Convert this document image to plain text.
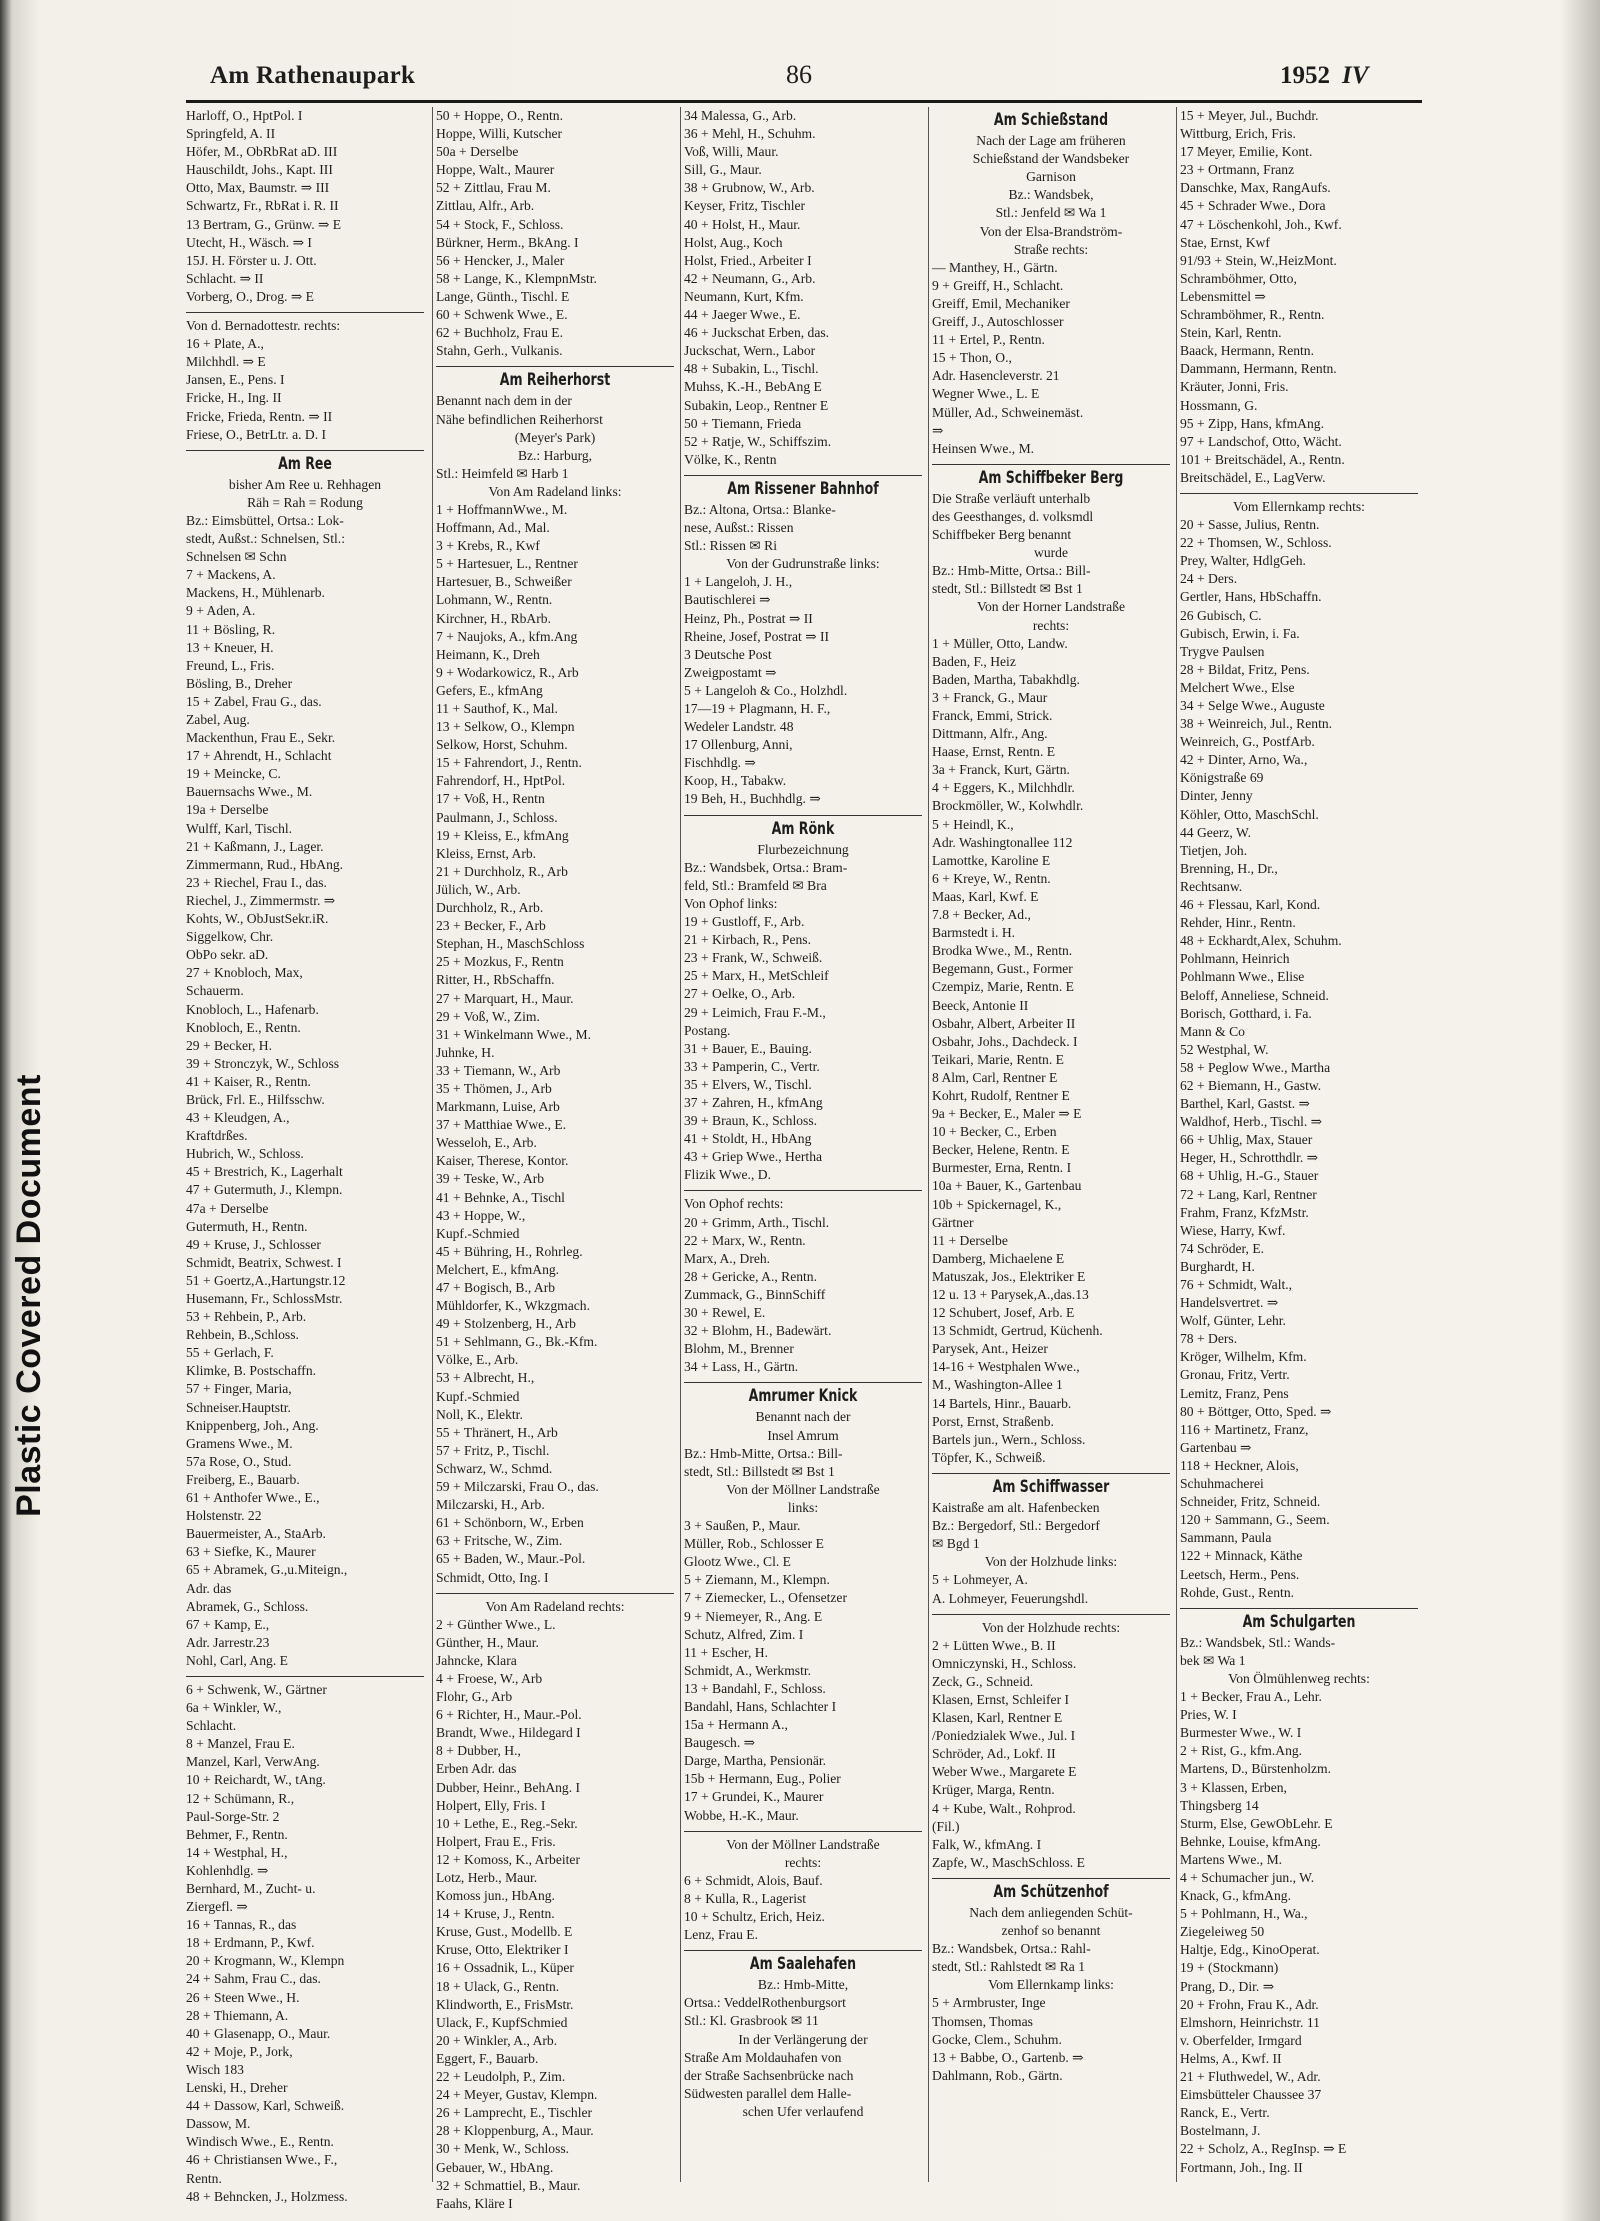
Plastic Covered Document
Am Rathenaupark	86	1952 IV
Harloff, O., HptPol. I
Springfeld, A. II
Höfer, M., ObRbRat aD. III
Hauschildt, Johs., Kapt. III
Otto, Max, Baumstr. ⇒ III
Schwartz, Fr., RbRat i. R. II
13 Bertram, G., Grünw. ⇒ E
Utecht, H., Wäsch. ⇒ I
15J. H. Förster u. J. Ott.
Schlacht. ⇒ II
Vorberg, O., Drog. ⇒ E
Von d. Bernadottestr. rechts:
16 + Plate, A.,
Milchhdl. ⇒ E
Jansen, E., Pens. I
Fricke, H., Ing. II
Fricke, Frieda, Rentn. ⇒ II
Friese, O., BetrLtr. a. D. I
Am Ree
bisher Am Ree u. Rehhagen
Räh = Rah = Rodung
Bz.: Eimsbüttel, Ortsa.: Lok-
stedt, Außst.: Schnelsen, Stl.:
Schnelsen ✉ Schn
7 + Mackens, A.
Mackens, H., Mühlenarb.
9 + Aden, A.
11 + Bösling, R.
13 + Kneuer, H.
Freund, L., Fris.
Bösling, B., Dreher
15 + Zabel, Frau G., das.
Zabel, Aug.
Mackenthun, Frau E., Sekr.
17 + Ahrendt, H., Schlacht
19 + Meincke, C.
Bauernsachs Wwe., M.
19a + Derselbe
Wulff, Karl, Tischl.
21 + Kaßmann, J., Lager.
Zimmermann, Rud., HbAng.
23 + Riechel, Frau I., das.
Riechel, J., Zimmermstr. ⇒
Kohts, W., ObJustSekr.iR.
Siggelkow, Chr.
ObPo sekr. aD.
27 + Knobloch, Max,
Schauerm.
Knobloch, L., Hafenarb.
Knobloch, E., Rentn.
29 + Becker, H.
39 + Stronczyk, W., Schloss
41 + Kaiser, R., Rentn.
Brück, Frl. E., Hilfsschw.
43 + Kleudgen, A.,
Kraftdrßes.
Hubrich, W., Schloss.
45 + Brestrich, K., Lagerhalt
47 + Gutermuth, J., Klempn.
47a + Derselbe
Gutermuth, H., Rentn.
49 + Kruse, J., Schlosser
Schmidt, Beatrix, Schwest. I
51 + Goertz,A.,Hartungstr.12
Husemann, Fr., SchlossMstr.
53 + Rehbein, P., Arb.
Rehbein, B.,Schloss.
55 + Gerlach, F.
Klimke, B. Postschaffn.
57 + Finger, Maria,
Schneiser.Hauptstr.
Knippenberg, Joh., Ang.
Gramens Wwe., M.
57a Rose, O., Stud.
Freiberg, E., Bauarb.
61 + Anthofer Wwe., E.,
Holstenstr. 22
Bauermeister, A., StaArb.
63 + Siefke, K., Maurer
65 + Abramek, G.,u.Miteign.,
Adr. das
Abramek, G., Schloss.
67 + Kamp, E.,
Adr. Jarrestr.23
Nohl, Carl, Ang. E
6 + Schwenk, W., Gärtner
6a + Winkler, W.,
Schlacht.
8 + Manzel, Frau E.
Manzel, Karl, VerwAng.
10 + Reichardt, W., tAng.
12 + Schümann, R.,
Paul-Sorge-Str. 2
Behmer, F., Rentn.
14 + Westphal, H.,
Kohlenhdlg. ⇒
Bernhard, M., Zucht- u.
Ziergefl. ⇒
16 + Tannas, R., das
18 + Erdmann, P., Kwf.
20 + Krogmann, W., Klempn
24 + Sahm, Frau C., das.
26 + Steen Wwe., H.
28 + Thiemann, A.
40 + Glasenapp, O., Maur.
42 + Moje, P., Jork,
Wisch 183
Lenski, H., Dreher
44 + Dassow, Karl, Schweiß.
Dassow, M.
Windisch Wwe., E., Rentn.
46 + Christiansen Wwe., F.,
Rentn.
48 + Behncken, J., Holzmess.
50 + Hoppe, O., Rentn.
Hoppe, Willi, Kutscher
50a + Derselbe
Hoppe, Walt., Maurer
52 + Zittlau, Frau M.
Zittlau, Alfr., Arb.
54 + Stock, F., Schloss.
Bürkner, Herm., BkAng. I
56 + Hencker, J., Maler
58 + Lange, K., KlempnMstr.
Lange, Günth., Tischl. E
60 + Schwenk Wwe., E.
62 + Buchholz, Frau E.
Stahn, Gerh., Vulkanis.
Am Reiherhorst
Benannt nach dem in der
Nähe befindlichen Reiherhorst
(Meyer's Park)
Bz.: Harburg,
Stl.: Heimfeld ✉ Harb 1
Von Am Radeland links:
1 + HoffmannWwe., M.
Hoffmann, Ad., Mal.
3 + Krebs, R., Kwf
5 + Hartesuer, L., Rentner
Hartesuer, B., Schweißer
Lohmann, W., Rentn.
Kirchner, H., RbArb.
7 + Naujoks, A., kfm.Ang
Heimann, K., Dreh
9 + Wodarkowicz, R., Arb
Gefers, E., kfmAng
11 + Sauthof, K., Mal.
13 + Selkow, O., Klempn
Selkow, Horst, Schuhm.
15 + Fahrendort, J., Rentn.
Fahrendorf, H., HptPol.
17 + Voß, H., Rentn
Paulmann, J., Schloss.
19 + Kleiss, E., kfmAng
Kleiss, Ernst, Arb.
21 + Durchholz, R., Arb
Jülich, W., Arb.
Durchholz, R., Arb.
23 + Becker, F., Arb
Stephan, H., MaschSchloss
25 + Mozkus, F., Rentn
Ritter, H., RbSchaffn.
27 + Marquart, H., Maur.
29 + Voß, W., Zim.
31 + Winkelmann Wwe., M.
Juhnke, H.
33 + Tiemann, W., Arb
35 + Thömen, J., Arb
Markmann, Luise, Arb
37 + Matthiae Wwe., E.
Wesseloh, E., Arb.
Kaiser, Therese, Kontor.
39 + Teske, W., Arb
41 + Behnke, A., Tischl
43 + Hoppe, W.,
Kupf.-Schmied
45 + Bühring, H., Rohrleg.
Melchert, E., kfmAng.
47 + Bogisch, B., Arb
Mühldorfer, K., Wkzgmach.
49 + Stolzenberg, H., Arb
51 + Sehlmann, G., Bk.-Kfm.
Völke, E., Arb.
53 + Albrecht, H.,
Kupf.-Schmied
Noll, K., Elektr.
55 + Thränert, H., Arb
57 + Fritz, P., Tischl.
Schwarz, W., Schmd.
59 + Milczarski, Frau O., das.
Milczarski, H., Arb.
61 + Schönborn, W., Erben
63 + Fritsche, W., Zim.
65 + Baden, W., Maur.-Pol.
Schmidt, Otto, Ing. I
Von Am Radeland rechts:
2 + Günther Wwe., L.
Günther, H., Maur.
Jahncke, Klara
4 + Froese, W., Arb
Flohr, G., Arb
6 + Richter, H., Maur.-Pol.
Brandt, Wwe., Hildegard I
8 + Dubber, H.,
Erben Adr. das
Dubber, Heinr., BehAng. I
Holpert, Elly, Fris. I
10 + Lethe, E., Reg.-Sekr.
Holpert, Frau E., Fris.
12 + Komoss, K., Arbeiter
Lotz, Herb., Maur.
Komoss jun., HbAng.
14 + Kruse, J., Rentn.
Kruse, Gust., Modellb. E
Kruse, Otto, Elektriker I
16 + Ossadnik, L., Küper
18 + Ulack, G., Rentn.
Klindworth, E., FrisMstr.
Ulack, F., KupfSchmied
20 + Winkler, A., Arb.
Eggert, F., Bauarb.
22 + Leudolph, P., Zim.
24 + Meyer, Gustav, Klempn.
26 + Lamprecht, E., Tischler
28 + Kloppenburg, A., Maur.
30 + Menk, W., Schloss.
Gebauer, W., HbAng.
32 + Schmattiel, B., Maur.
Faahs, Kläre I
34 Malessa, G., Arb.
36 + Mehl, H., Schuhm.
Voß, Willi, Maur.
Sill, G., Maur.
38 + Grubnow, W., Arb.
Keyser, Fritz, Tischler
40 + Holst, H., Maur.
Holst, Aug., Koch
Holst, Fried., Arbeiter I
42 + Neumann, G., Arb.
Neumann, Kurt, Kfm.
44 + Jaeger Wwe., E.
46 + Juckschat Erben, das.
Juckschat, Wern., Labor
48 + Subakin, L., Tischl.
Muhss, K.-H., BebAng E
Subakin, Leop., Rentner E
50 + Tiemann, Frieda
52 + Ratje, W., Schiffszim.
Völke, K., Rentn
Am Rissener Bahnhof
Bz.: Altona, Ortsa.: Blanke-
nese, Außst.: Rissen
Stl.: Rissen ✉ Ri
Von der Gudrunstraße links:
1 + Langeloh, J. H.,
Bautischlerei ⇒
Heinz, Ph., Postrat ⇒ II
Rheine, Josef, Postrat ⇒ II
3 Deutsche Post
Zweigpostamt ⇒
5 + Langeloh & Co., Holzhdl.
17—19 + Plagmann, H. F.,
Wedeler Landstr. 48
17 Ollenburg, Anni,
Fischhdlg. ⇒
Koop, H., Tabakw.
19 Beh, H., Buchhdlg. ⇒
Am Rönk
Flurbezeichnung
Bz.: Wandsbek, Ortsa.: Bram-
feld, Stl.: Bramfeld ✉ Bra
Von Ophof links:
19 + Gustloff, F., Arb.
21 + Kirbach, R., Pens.
23 + Frank, W., Schweiß.
25 + Marx, H., MetSchleif
27 + Oelke, O., Arb.
29 + Leimich, Frau F.-M.,
Postang.
31 + Bauer, E., Bauing.
33 + Pamperin, C., Vertr.
35 + Elvers, W., Tischl.
37 + Zahren, H., kfmAng
39 + Braun, K., Schloss.
41 + Stoldt, H., HbAng
43 + Griep Wwe., Hertha
Flizik Wwe., D.
Von Ophof rechts:
20 + Grimm, Arth., Tischl.
22 + Marx, W., Rentn.
Marx, A., Dreh.
28 + Gericke, A., Rentn.
Zummack, G., BinnSchiff
30 + Rewel, E.
32 + Blohm, H., Badewärt.
Blohm, M., Brenner
34 + Lass, H., Gärtn.
Amrumer Knick
Benannt nach der
Insel Amrum
Bz.: Hmb-Mitte, Ortsa.: Bill-
stedt, Stl.: Billstedt ✉ Bst 1
Von der Möllner Landstraße
links:
3 + Saußen, P., Maur.
Müller, Rob., Schlosser E
Glootz Wwe., Cl. E
5 + Ziemann, M., Klempn.
7 + Ziemecker, L., Ofensetzer
9 + Niemeyer, R., Ang. E
Schutz, Alfred, Zim. I
11 + Escher, H.
Schmidt, A., Werkmstr.
13 + Bandahl, F., Schloss.
Bandahl, Hans, Schlachter I
15a + Hermann A.,
Baugesch. ⇒
Darge, Martha, Pensionär.
15b + Hermann, Eug., Polier
17 + Grundei, K., Maurer
Wobbe, H.-K., Maur.
Von der Möllner Landstraße
rechts:
6 + Schmidt, Alois, Bauf.
8 + Kulla, R., Lagerist
10 + Schultz, Erich, Heiz.
Lenz, Frau E.
Am Saalehafen
Bz.: Hmb-Mitte,
Ortsa.: VeddelRothenburgsort
Stl.: Kl. Grasbrook ✉ 11
In der Verlängerung der
Straße Am Moldauhafen von
der Straße Sachsenbrücke nach
Südwesten parallel dem Halle-
schen Ufer verlaufend
Am Schießstand
Nach der Lage am früheren
Schießstand der Wandsbeker
Garnison
Bz.: Wandsbek,
Stl.: Jenfeld ✉ Wa 1
Von der Elsa-Brandström-
Straße rechts:
— Manthey, H., Gärtn.
9 + Greiff, H., Schlacht.
Greiff, Emil, Mechaniker
Greiff, J., Autoschlosser
11 + Ertel, P., Rentn.
15 + Thon, O.,
Adr. Hasencleverstr. 21
Wegner Wwe., L. E
Müller, Ad., Schweinemäst.
⇒
Heinsen Wwe., M.
Am Schiffbeker Berg
Die Straße verläuft unterhalb
des Geesthanges, d. volksmdl
Schiffbeker Berg benannt
wurde
Bz.: Hmb-Mitte, Ortsa.: Bill-
stedt, Stl.: Billstedt ✉ Bst 1
Von der Horner Landstraße
rechts:
1 + Müller, Otto, Landw.
Baden, F., Heiz
Baden, Martha, Tabakhdlg.
3 + Franck, G., Maur
Franck, Emmi, Strick.
Dittmann, Alfr., Ang.
Haase, Ernst, Rentn. E
3a + Franck, Kurt, Gärtn.
4 + Eggers, K., Milchhdlr.
Brockmöller, W., Kolwhdlr.
5 + Heindl, K.,
Adr. Washingtonallee 112
Lamottke, Karoline E
6 + Kreye, W., Rentn.
Maas, Karl, Kwf. E
7.8 + Becker, Ad.,
Barmstedt i. H.
Brodka Wwe., M., Rentn.
Begemann, Gust., Former
Czempiz, Marie, Rentn. E
Beeck, Antonie II
Osbahr, Albert, Arbeiter II
Osbahr, Johs., Dachdeck. I
Teikari, Marie, Rentn. E
8 Alm, Carl, Rentner E
Kohrt, Rudolf, Rentner E
9a + Becker, E., Maler ⇒ E
10 + Becker, C., Erben
Becker, Helene, Rentn. E
Burmester, Erna, Rentn. I
10a + Bauer, K., Gartenbau
10b + Spickernagel, K.,
Gärtner
11 + Derselbe
Damberg, Michaelene E
Matuszak, Jos., Elektriker E
12 u. 13 + Parysek,A.,das.13
12 Schubert, Josef, Arb. E
13 Schmidt, Gertrud, Küchenh.
Parysek, Ant., Heizer
14-16 + Westphalen Wwe.,
M., Washington-Allee 1
14 Bartels, Hinr., Bauarb.
Porst, Ernst, Straßenb.
Bartels jun., Wern., Schloss.
Töpfer, K., Schweiß.
Am Schiffwasser
Kaistraße am alt. Hafenbecken
Bz.: Bergedorf, Stl.: Bergedorf
✉ Bgd 1
Von der Holzhude links:
5 + Lohmeyer, A.
A. Lohmeyer, Feuerungshdl.
Von der Holzhude rechts:
2 + Lütten Wwe., B. II
Omniczynski, H., Schloss.
Zeck, G., Schneid.
Klasen, Ernst, Schleifer I
Klasen, Karl, Rentner E
/Poniedzialek Wwe., Jul. I
Schröder, Ad., Lokf. II
Weber Wwe., Margarete E
Krüger, Marga, Rentn.
4 + Kube, Walt., Rohprod.
(Fil.)
Falk, W., kfmAng. I
Zapfe, W., MaschSchloss. E
Am Schützenhof
Nach dem anliegenden Schüt-
zenhof so benannt
Bz.: Wandsbek, Ortsa.: Rahl-
stedt, Stl.: Rahlstedt ✉ Ra 1
Vom Ellernkamp links:
5 + Armbruster, Inge
Thomsen, Thomas
Gocke, Clem., Schuhm.
13 + Babbe, O., Gartenb. ⇒
Dahlmann, Rob., Gärtn.
15 + Meyer, Jul., Buchdr.
Wittburg, Erich, Fris.
17 Meyer, Emilie, Kont.
23 + Ortmann, Franz
Danschke, Max, RangAufs.
45 + Schrader Wwe., Dora
47 + Löschenkohl, Joh., Kwf.
Stae, Ernst, Kwf
91/93 + Stein, W.,HeizMont.
Schramböhmer, Otto,
Lebensmittel ⇒
Schramböhmer, R., Rentn.
Stein, Karl, Rentn.
Baack, Hermann, Rentn.
Dammann, Hermann, Rentn.
Kräuter, Jonni, Fris.
Hossmann, G.
95 + Zipp, Hans, kfmAng.
97 + Landschof, Otto, Wächt.
101 + Breitschädel, A., Rentn.
Breitschädel, E., LagVerw.
Vom Ellernkamp rechts:
20 + Sasse, Julius, Rentn.
22 + Thomsen, W., Schloss.
Prey, Walter, HdlgGeh.
24 + Ders.
Gertler, Hans, HbSchaffn.
26 Gubisch, C.
Gubisch, Erwin, i. Fa.
Trygve Paulsen
28 + Bildat, Fritz, Pens.
Melchert Wwe., Else
34 + Selge Wwe., Auguste
38 + Weinreich, Jul., Rentn.
Weinreich, G., PostfArb.
42 + Dinter, Arno, Wa.,
Königstraße 69
Dinter, Jenny
Köhler, Otto, MaschSchl.
44 Geerz, W.
Tietjen, Joh.
Brenning, H., Dr.,
Rechtsanw.
46 + Flessau, Karl, Kond.
Rehder, Hinr., Rentn.
48 + Eckhardt,Alex, Schuhm.
Pohlmann, Heinrich
Pohlmann Wwe., Elise
Beloff, Anneliese, Schneid.
Borisch, Gotthard, i. Fa.
Mann & Co
52 Westphal, W.
58 + Peglow Wwe., Martha
62 + Biemann, H., Gastw.
Barthel, Karl, Gastst. ⇒
Waldhof, Herb., Tischl. ⇒
66 + Uhlig, Max, Stauer
Heger, H., Schrotthdlr. ⇒
68 + Uhlig, H.-G., Stauer
72 + Lang, Karl, Rentner
Frahm, Franz, KfzMstr.
Wiese, Harry, Kwf.
74 Schröder, E.
Burghardt, H.
76 + Schmidt, Walt.,
Handelsvertret. ⇒
Wolf, Günter, Lehr.
78 + Ders.
Kröger, Wilhelm, Kfm.
Gronau, Fritz, Vertr.
Lemitz, Franz, Pens
80 + Böttger, Otto, Sped. ⇒
116 + Martinetz, Franz,
Gartenbau ⇒
118 + Heckner, Alois,
Schuhmacherei
Schneider, Fritz, Schneid.
120 + Sammann, G., Seem.
Sammann, Paula
122 + Minnack, Käthe
Leetsch, Herm., Pens.
Rohde, Gust., Rentn.
Am Schulgarten
Bz.: Wandsbek, Stl.: Wands-
bek ✉ Wa 1
Von Ölmühlenweg rechts:
1 + Becker, Frau A., Lehr.
Pries, W. I
Burmester Wwe., W. I
2 + Rist, G., kfm.Ang.
Martens, D., Bürstenholzm.
3 + Klassen, Erben,
Thingsberg 14
Sturm, Else, GewObLehr. E
Behnke, Louise, kfmAng.
Martens Wwe., M.
4 + Schumacher jun., W.
Knack, G., kfmAng.
5 + Pohlmann, H., Wa.,
Ziegeleiweg 50
Haltje, Edg., KinoOperat.
19 + (Stockmann)
Prang, D., Dir. ⇒
20 + Frohn, Frau K., Adr.
Elmshorn, Heinrichstr. 11
v. Oberfelder, Irmgard
Helms, A., Kwf. II
21 + Fluthwedel, W., Adr.
Eimsbütteler Chaussee 37
Ranck, E., Vertr.
Bostelmann, J.
22 + Scholz, A., RegInsp. ⇒ E
Fortmann, Joh., Ing. II
